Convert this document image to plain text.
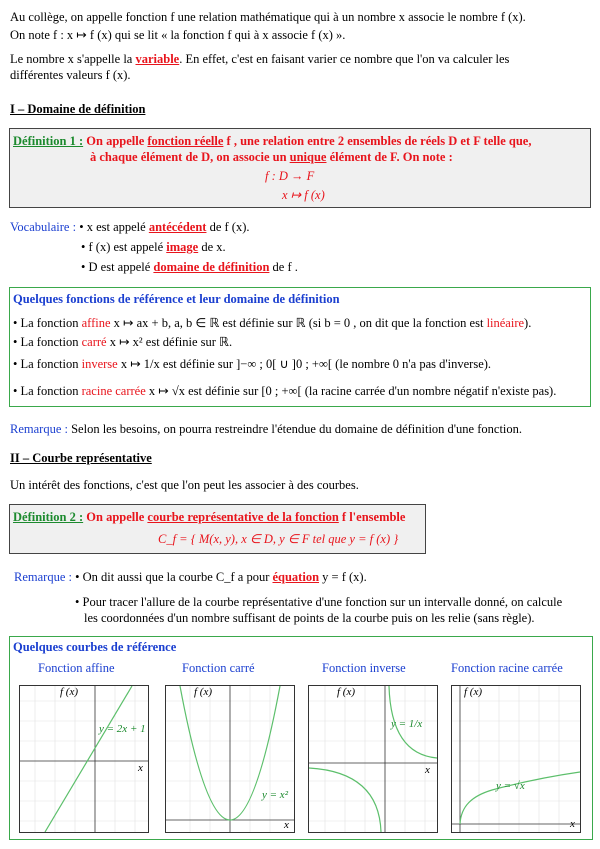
Au collège, on appelle fonction f une relation mathématique qui à un nombre x associe le nombre f (x).
On note f : x ↦ f (x) qui se lit « la fonction f qui à x associe f (x) ».
Le nombre x s'appelle la variable. En effet, c'est en faisant varier ce nombre que l'on va calculer les
différentes valeurs f (x).
I – Domaine de définition
Définition 1 : On appelle fonction réelle f , une relation entre 2 ensembles de réels D et F telle que,
à chaque élément de D, on associe un unique élément de F. On note :
f : D → F
x ↦ f (x)
Vocabulaire : • x est appelé antécédent de f (x).
• f (x) est appelé image de x.
• D est appelé domaine de définition de f .
Quelques fonctions de référence et leur domaine de définition
• La fonction affine x ↦ ax + b, a, b ∈ ℝ est définie sur ℝ (si b = 0 , on dit que la fonction est linéaire).
• La fonction carré x ↦ x² est définie sur ℝ.
• La fonction inverse x ↦ 1/x est définie sur ]−∞ ; 0[ ∪ ]0 ; +∞[ (le nombre 0 n'a pas d'inverse).
• La fonction racine carrée x ↦ √x est définie sur [0 ; +∞[ (la racine carrée d'un nombre négatif n'existe pas).
Remarque : Selon les besoins, on pourra restreindre l'étendue du domaine de définition d'une fonction.
II – Courbe représentative
Un intérêt des fonctions, c'est que l'on peut les associer à des courbes.
Définition 2 : On appelle courbe représentative de la fonction f l'ensemble
C_f = { M(x, y), x ∈ D, y ∈ F tel que y = f (x) }
Remarque : • On dit aussi que la courbe C_f a pour équation y = f (x).
• Pour tracer l'allure de la courbe représentative d'une fonction sur un intervalle donné, on calcule
les coordonnées d'un nombre suffisant de points de la courbe puis on les relie (sans règle).
Quelques courbes de référence
Fonction affine	Fonction carré	Fonction inverse	Fonction racine carrée
f (x)
y = 2x + 1
x
f (x)
y = x²
x
f (x)
y = 1/x
x
f (x)
y = √x
x
